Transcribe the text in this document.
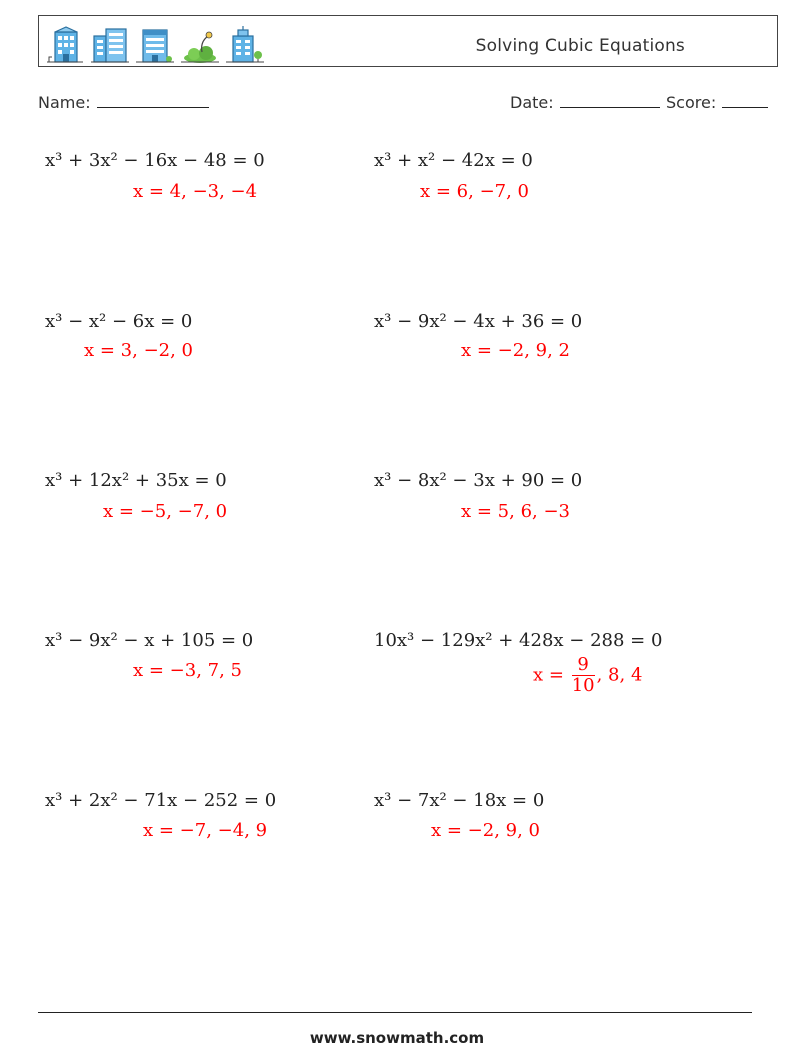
Solving Cubic Equations
Name:	Date:	Score:
x³ + 3x² − 16x − 48 = 0
x = 4, −3, −4
x³ + x² − 42x = 0
x = 6, −7, 0
x³ − x² − 6x = 0
x = 3, −2, 0
x³ − 9x² − 4x + 36 = 0
x = −2, 9, 2
x³ + 12x² + 35x = 0
x = −5, −7, 0
x³ − 8x² − 3x + 90 = 0
x = 5, 6, −3
x³ − 9x² − x + 105 = 0
x = −3, 7, 5
10x³ − 129x² + 428x − 288 = 0
$x = \frac{9}{10}$ , 8, 4
x³ + 2x² − 71x − 252 = 0
x = −7, −4, 9
x³ − 7x² − 18x = 0
x = −2, 9, 0
www.snowmath.com
